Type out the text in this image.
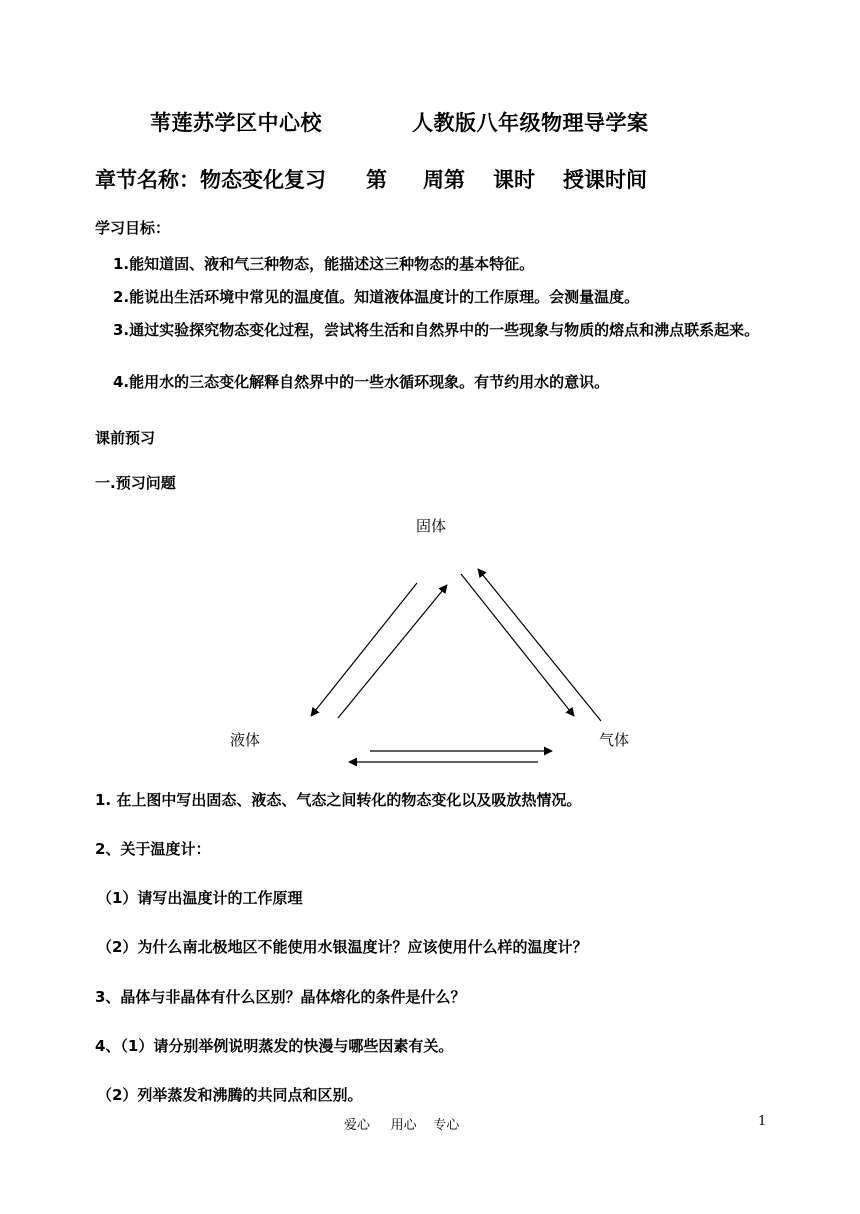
苇莲苏学区中心校	人教版八年级物理导学案
章节名称：物态变化复习 第 周第 课时 授课时间
学习目标：
1.能知道固、液和气三种物态，能描述这三种物态的基本特征。
2.能说出生活环境中常见的温度值。知道液体温度计的工作原理。会测量温度。
3.通过实验探究物态变化过程，尝试将生活和自然界中的一些现象与物质的熔点和沸点联系起来。
4.能用水的三态变化解释自然界中的一些水循环现象。有节约用水的意识。
课前预习
一.预习问题
固体
液体	气体
1. 在上图中写出固态、液态、气态之间转化的物态变化以及吸放热情况。
2、关于温度计：
（1）请写出温度计的工作原理
（2）为什么南北极地区不能使用水银温度计？应该使用什么样的温度计？
3、晶体与非晶体有什么区别？晶体熔化的条件是什么？
4、（1）请分别举例说明蒸发的快漫与哪些因素有关。
（2）列举蒸发和沸腾的共同点和区别。
爱心     用心    专心	1
